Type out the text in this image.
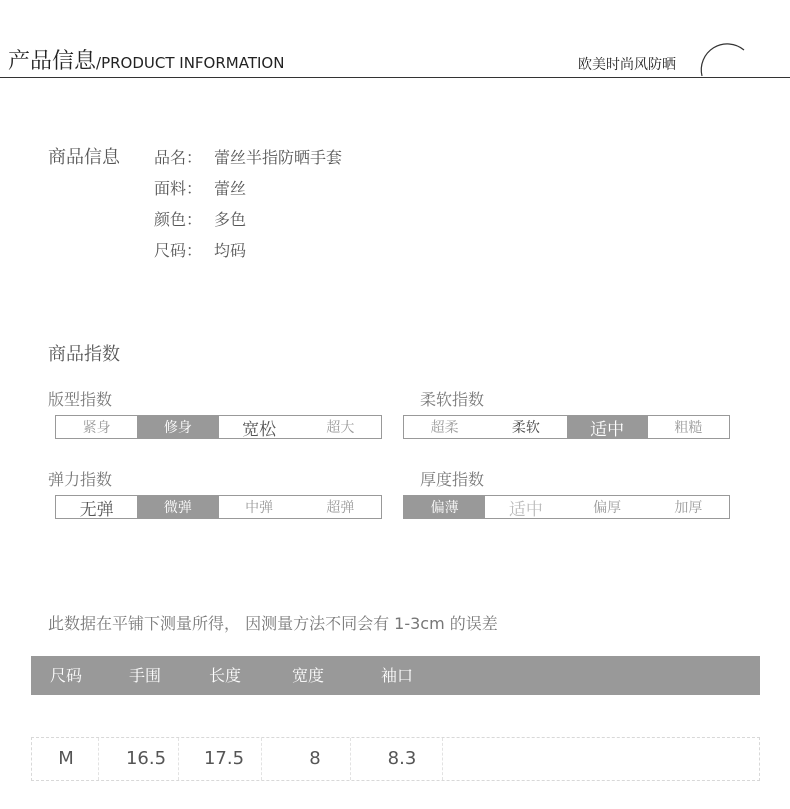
产品信息/PRODUCT INFORMATION	欧美时尚风防晒
商品信息 品名： 蕾丝半指防晒手套
面料： 蕾丝
颜色： 多色
尺码： 均码
商品指数
版型指数
紧身	修身	宽松	超大
柔软指数
超柔	柔软	适中	粗糙
弹力指数
无弹	微弹	中弹	超弹
厚度指数
偏薄	适中	偏厚	加厚
此数据在平铺下测量所得， 因测量方法不同会有 1-3cm 的误差
尺码	手围	长度	宽度	袖口
M	16.5	17.5	8	8.3
